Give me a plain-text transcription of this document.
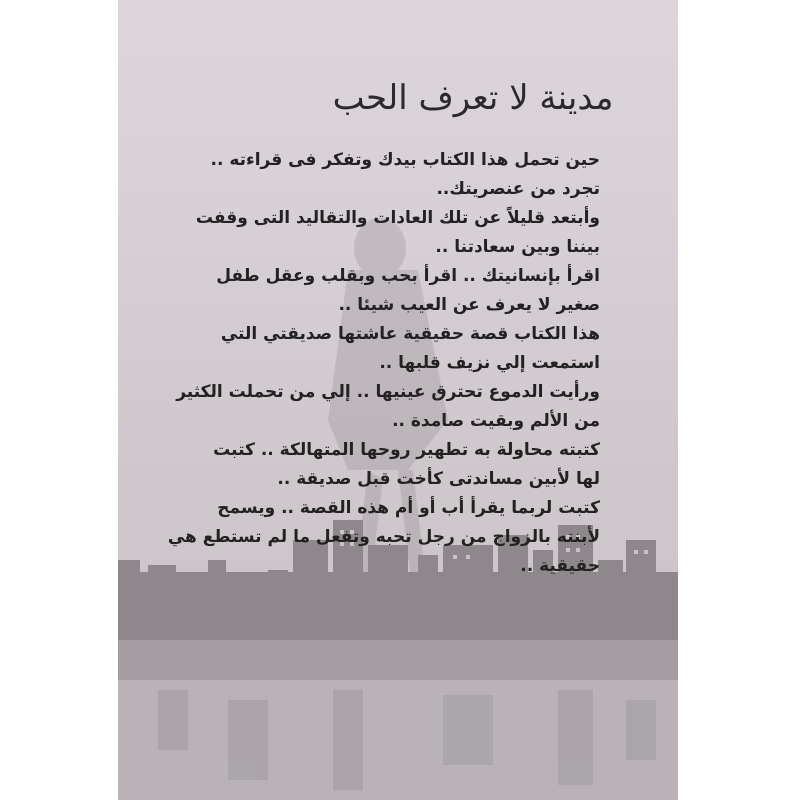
مدينة لا تعرف الحب
حين تحمل هذا الكتاب بيدك وتفكر فى قراءته ..
تجرد من عنصريتك..
وأبتعد قليلاً عن تلك العادات والتقاليد التى وقفت
بيننا وبين سعادتنا ..
اقرأ بإنسانيتك .. اقرأ بحب وبقلب وعقل طفل
صغير لا يعرف عن العيب شيئا ..
هذا الكتاب قصة حقيقية عاشتها صديقتي التي
استمعت إلي نزيف قلبها ..
ورأيت الدموع تحترق عينيها .. إلي من تحملت الكثير
من الألم وبقيت صامدة ..
كتبته محاولة به تطهير روحها المتهالكة .. كتبت
لها لأبين مساندتى كأخت قبل صديقة ..
كتبت لربما يقرأ أب أو أم هذه القصة .. ويسمح
لأبنته بالزواج من رجل تحبه وتفعل ما لم تستطع هي
حقيقية ..
